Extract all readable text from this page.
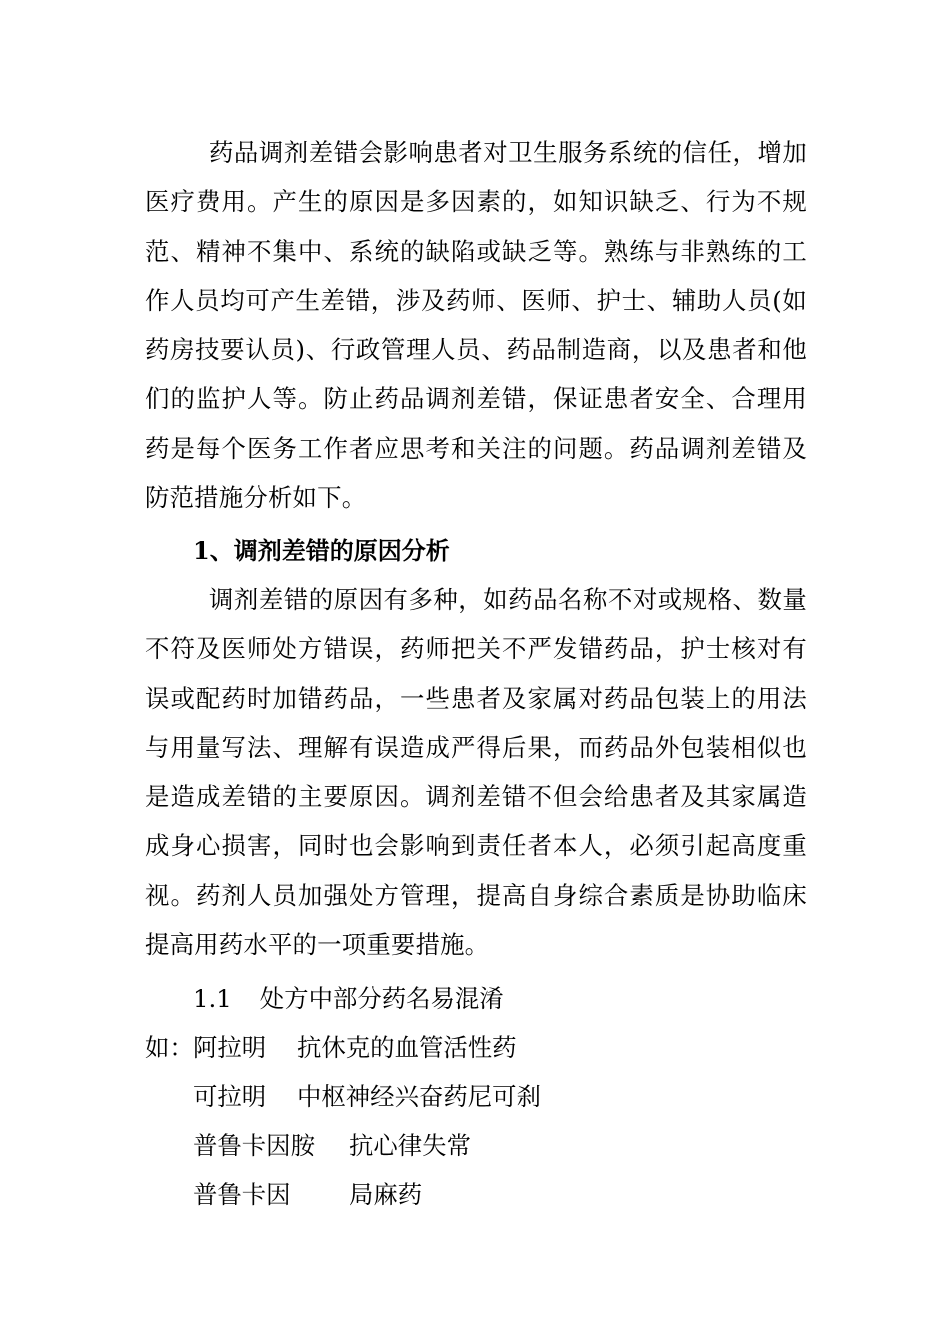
药品调剂差错会影响患者对卫生服务系统的信任，增加医疗费用。产生的原因是多因素的，如知识缺乏、行为不规范、精神不集中、系统的缺陷或缺乏等。熟练与非熟练的工作人员均可产生差错，涉及药师、医师、护士、辅助人员(如药房技要认员)、行政管理人员、药品制造商，以及患者和他们的监护人等。防止药品调剂差错，保证患者安全、合理用药是每个医务工作者应思考和关注的问题。药品调剂差错及防范措施分析如下。

1、调剂差错的原因分析

调剂差错的原因有多种，如药品名称不对或规格、数量不符及医师处方错误，药师把关不严发错药品，护士核对有误或配药时加错药品，一些患者及家属对药品包装上的用法与用量写法、理解有误造成严得后果，而药品外包装相似也是造成差错的主要原因。调剂差错不但会给患者及其家属造成身心损害，同时也会影响到责任者本人，必须引起高度重视。药剂人员加强处方管理，提高自身综合素质是协助临床提高用药水平的一项重要措施。

1.1 处方中部分药名易混淆

如：阿拉明 抗休克的血管活性药

可拉明 中枢神经兴奋药尼可刹

普鲁卡因胺 抗心律失常

普鲁卡因 局麻药
